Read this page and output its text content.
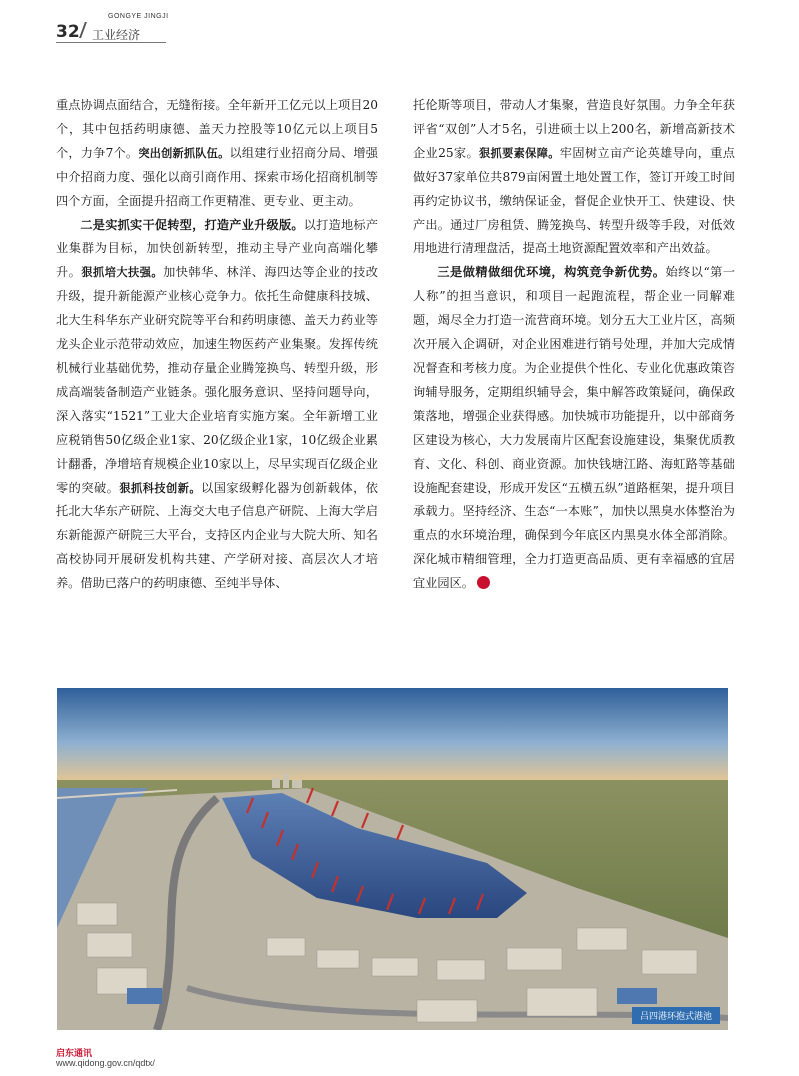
32
GONGYE JINGJI
工业经济

重点协调点面结合，无缝衔接。全年新开工亿元以上项目20个，其中包括药明康德、盖天力控股等10亿元以上项目5个，力争7个。突出创新抓队伍。以组建行业招商分局、增强中介招商力度、强化以商引商作用、探索市场化招商机制等四个方面，全面提升招商工作更精准、更专业、更主动。

二是实抓实干促转型，打造产业升级版。以打造地标产业集群为目标，加快创新转型，推动主导产业向高端化攀升。狠抓培大扶强。加快韩华、林洋、海四达等企业的技改升级，提升新能源产业核心竞争力。依托生命健康科技城、北大生科华东产业研究院等平台和药明康德、盖天力药业等龙头企业示范带动效应，加速生物医药产业集聚。发挥传统机械行业基础优势，推动存量企业腾笼换鸟、转型升级，形成高端装备制造产业链条。强化服务意识、坚持问题导向，深入落实“1521”工业大企业培育实施方案。全年新增工业应税销售50亿级企业1家、20亿级企业1家，10亿级企业累计翻番，净增培育规模企业10家以上，尽早实现百亿级企业零的突破。狠抓科技创新。以国家级孵化器为创新载体，依托北大华东产研院、上海交大电子信息产研院、上海大学启东新能源产研院三大平台，支持区内企业与大院大所、知名高校协同开展研发机构共建、产学研对接、高层次人才培养。借助已落户的药明康德、至纯半导体、

托伦斯等项目，带动人才集聚，营造良好氛围。力争全年获评省“双创”人才5名，引进硕士以上200名，新增高新技术企业25家。狠抓要素保障。牢固树立亩产论英雄导向，重点做好37家单位共879亩闲置土地处置工作，签订开竣工时间再约定协议书，缴纳保证金，督促企业快开工、快建设、快产出。通过厂房租赁、腾笼换鸟、转型升级等手段，对低效用地进行清理盘活，提高土地资源配置效率和产出效益。

三是做精做细优环境，构筑竞争新优势。始终以“第一人称”的担当意识，和项目一起跑流程，帮企业一同解难题，竭尽全力打造一流营商环境。划分五大工业片区，高频次开展入企调研，对企业困难进行销号处理，并加大完成情况督查和考核力度。为企业提供个性化、专业化优惠政策咨询辅导服务，定期组织辅导会，集中解答政策疑问，确保政策落地，增强企业获得感。加快城市功能提升，以中部商务区建设为核心，大力发展南片区配套设施建设，集聚优质教育、文化、科创、商业资源。加快钱塘江路、海虹路等基础设施配套建设，形成开发区“五横五纵”道路框架，提升项目承载力。坚持经济、生态“一本账”，加快以黑臭水体整治为重点的水环境治理，确保到今年底区内黑臭水体全部消除。深化城市精细管理，全力打造更高品质、更有幸福感的宜居宜业园区。

吕四港环抱式港池
启东通讯
www.qidong.gov.cn/qdtx/
